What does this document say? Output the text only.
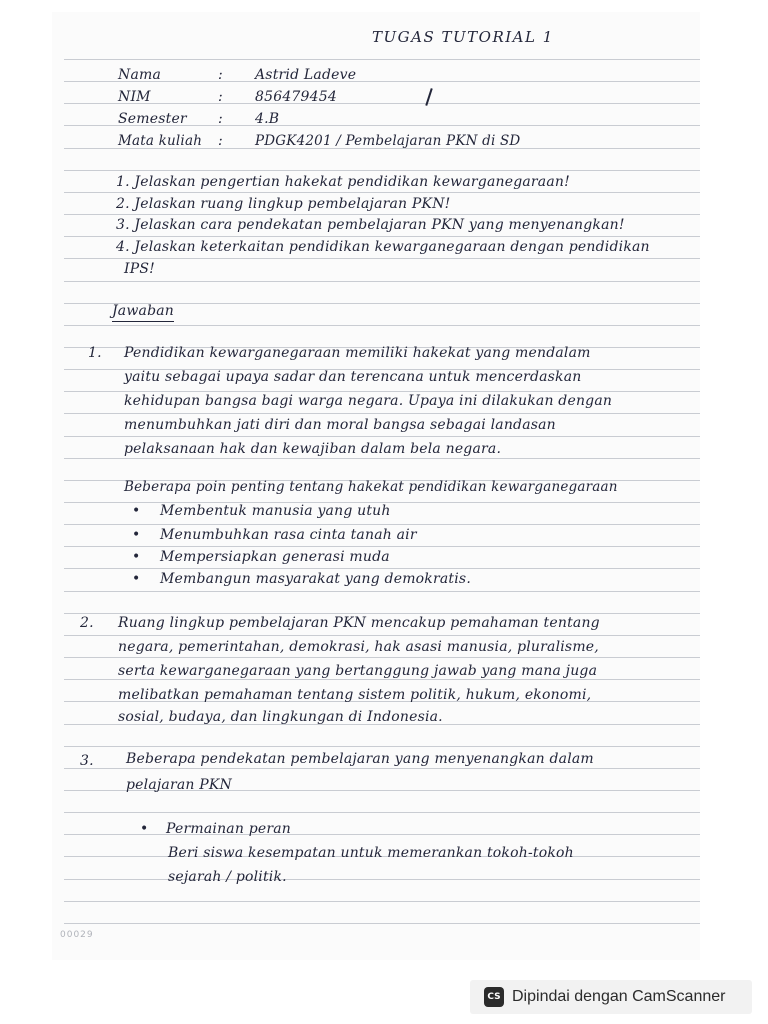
TUGAS TUTORIAL 1
Nama	: Astrid Ladeve
NIM	: 856479454
Semester : 4.B
Mata kuliah : PDGK4201 / Pembelajaran PKN di SD
1. Jelaskan pengertian hakekat pendidikan kewarganegaraan!
2. Jelaskan ruang lingkup pembelajaran PKN!
3. Jelaskan cara pendekatan pembelajaran PKN yang menyenangkan!
4. Jelaskan keterkaitan pendidikan kewarganegaraan dengan pendidikan
IPS!
Jawaban
1. Pendidikan kewarganegaraan memiliki hakekat yang mendalam
yaitu sebagai upaya sadar dan terencana untuk mencerdaskan
kehidupan bangsa bagi warga negara. Upaya ini dilakukan dengan
menumbuhkan jati diri dan moral bangsa sebagai landasan
pelaksanaan hak dan kewajiban dalam bela negara.
Beberapa poin penting tentang hakekat pendidikan kewarganegaraan
• Membentuk manusia yang utuh
• Menumbuhkan rasa cinta tanah air
• Mempersiapkan generasi muda
• Membangun masyarakat yang demokratis.
2. Ruang lingkup pembelajaran PKN mencakup pemahaman tentang
negara, pemerintahan, demokrasi, hak asasi manusia, pluralisme,
serta kewarganegaraan yang bertanggung jawab yang mana juga
melibatkan pemahaman tentang sistem politik, hukum, ekonomi,
sosial, budaya, dan lingkungan di Indonesia.
3. Beberapa pendekatan pembelajaran yang menyenangkan dalam
pelajaran PKN
• Permainan peran
Beri siswa kesempatan untuk memerankan tokoh-tokoh
sejarah / politik.
00029
CS Dipindai dengan CamScanner
